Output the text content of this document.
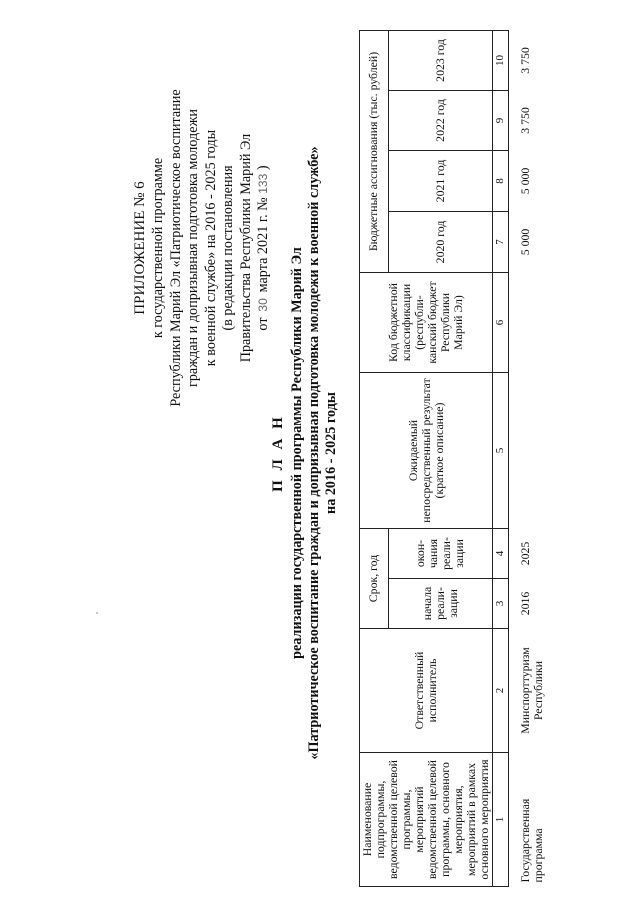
ПРИЛОЖЕНИЕ № 6 к государственной программе Республики Марий Эл «Патриотическое воспитание граждан и допризывная подготовка молодежи к военной службе» на 2016 - 2025 годы (в редакции постановления Правительства Республики Марий Эл от 30 марта 2021 г. № 133 )
П Л А Н реализации государственной программы Республики Марий Эл «Патриотическое воспитание граждан и допризывная подготовка молодежи к военной службе» на 2016 - 2025 годы
Наименование подпрограммы, ведомственной целевой программы, мероприятий ведомственной целевой программы, основного мероприятия, мероприятий в рамках основного мероприятия	Ответственный исполнитель	Срок, год		Ожидаемый непосредственный результат (краткое описание)	Код бюджетной классификации (республи-канский бюджет Республики Марий Эл)	Бюджетные ассигнования (тыс. рублей)			
		начала реали-зации	окон-чания реали-зации			2020 год	2021 год	2022 год	2023 год
1	2	3	4	5	6	7	8	9	10
Государственная программа	Минспорттуризм Республики	2016	2025			5 000	5 000	3 750	3 750
